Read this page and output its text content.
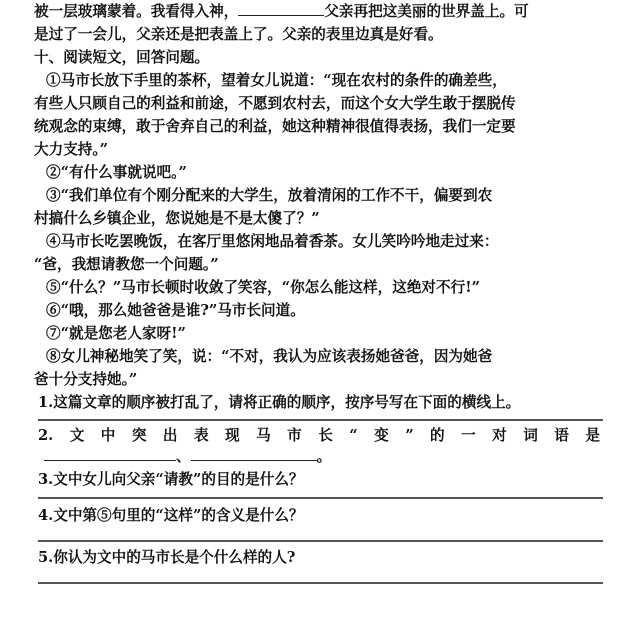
被一层玻璃蒙着。我看得入神，	父亲再把这美丽的世界盖上。可
是过了一会儿，父亲还是把表盖上了。父亲的表里边真是好看。
十、阅读短文，回答问题。
①马市长放下手里的茶杯，望着女儿说道：“现在农村的条件的确差些，
有些人只顾自己的利益和前途，不愿到农村去，而这个女大学生敢于摆脱传
统观念的束缚，敢于舍弃自己的利益，她这种精神很值得表扬，我们一定要
大力支持。”
②“有什么事就说吧。”
③“我们单位有个刚分配来的大学生，放着清闲的工作不干，偏要到农
村搞什么乡镇企业，您说她是不是太傻了？”
④马市长吃罢晚饭，在客厅里悠闲地品着香茶。女儿笑吟吟地走过来：
“爸，我想请教您一个问题。”
⑤“什么？”马市长顿时收敛了笑容，“你怎么能这样，这绝对不行!”
⑥“哦，那么她爸爸是谁?”马市长问道。
⑦“就是您老人家呀!”
⑧女儿神秘地笑了笑，说：“不对，我认为应该表扬她爸爸，因为她爸
爸十分支持她。”
1.这篇文章的顺序被打乱了，请将正确的顺序，按序号写在下面的横线上。
2. 文 中 突 出 表 现 马 市 长 “ 变 ” 的 一 对 词 语 是
、	。
3.文中女儿向父亲“请教”的目的是什么？
4.文中第⑤句里的“这样”的含义是什么？
5.你认为文中的马市长是个什么样的人?
